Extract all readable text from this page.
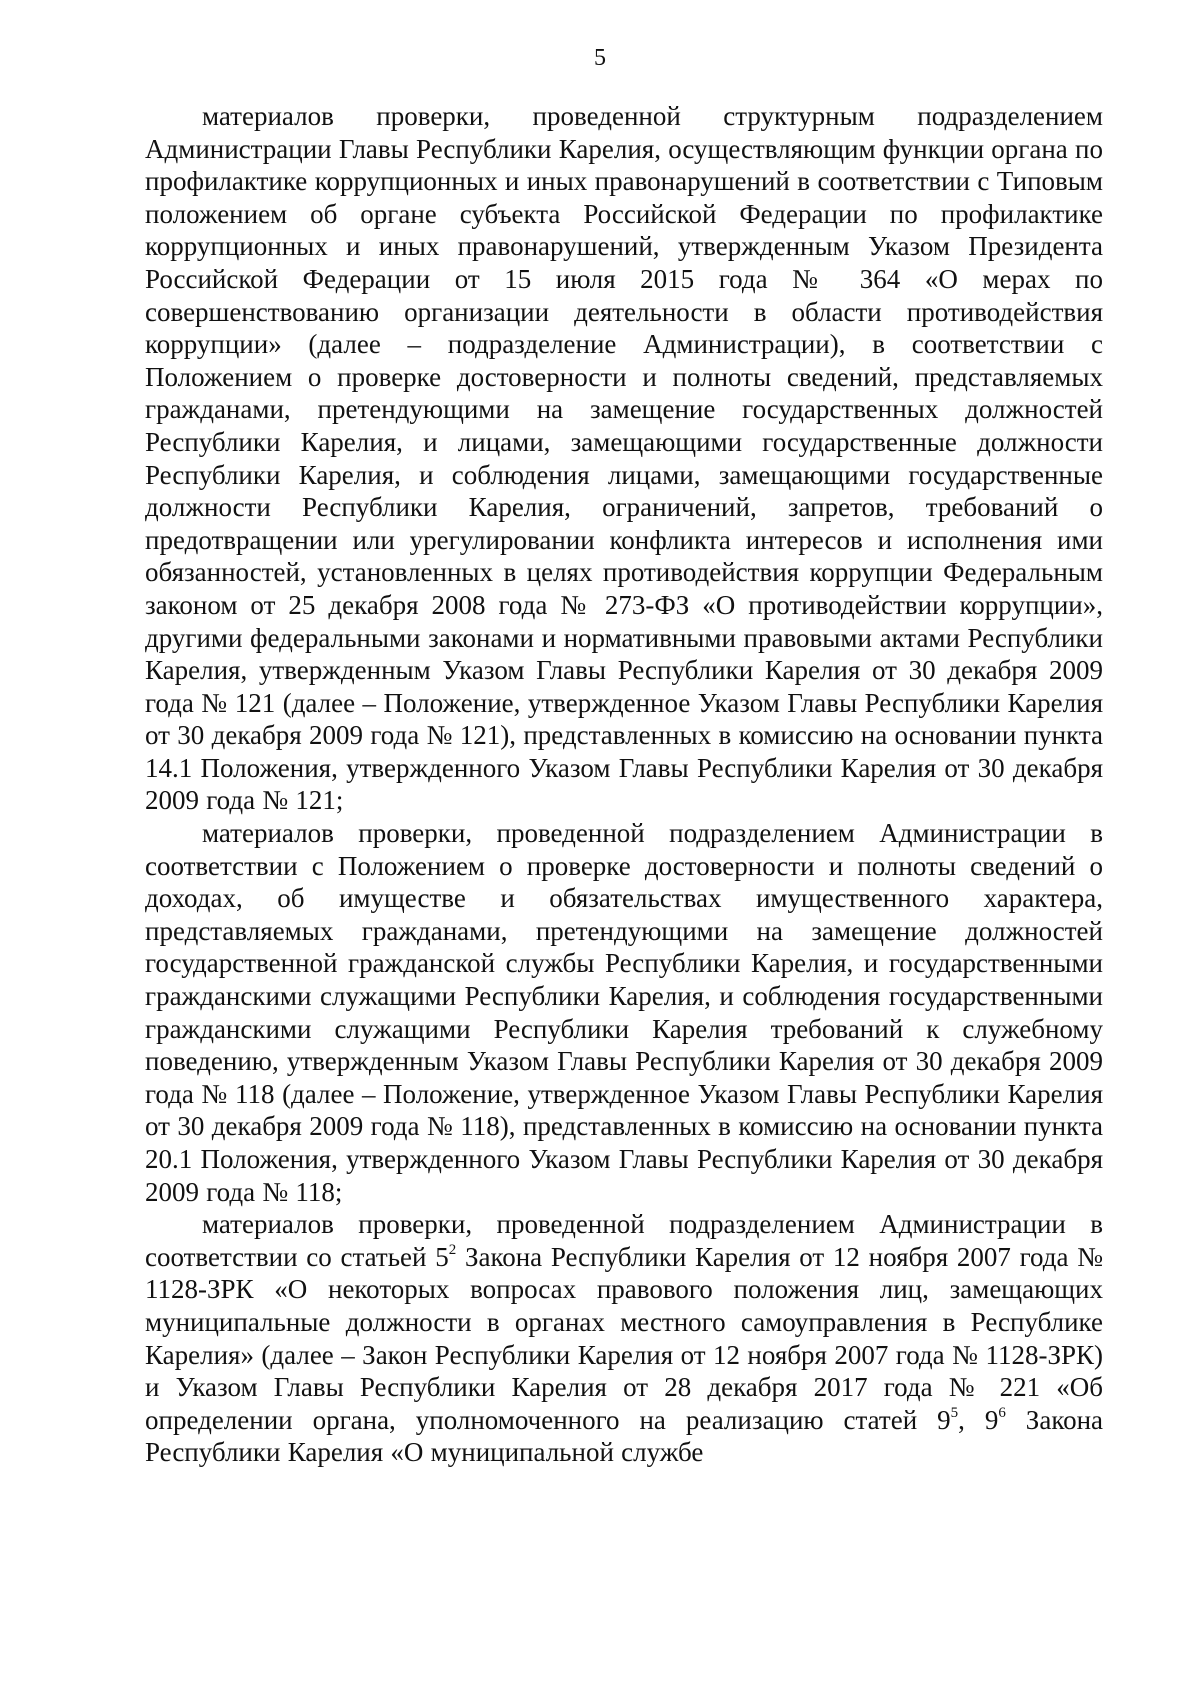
5

материалов проверки, проведенной структурным подразделением Администрации Главы Республики Карелия, осуществляющим функции органа по профилактике коррупционных и иных правонарушений в соответствии с Типовым положением об органе субъекта Российской Федерации по профилактике коррупционных и иных правонарушений, утвержденным Указом Президента Российской Федерации от 15 июля 2015 года № 364 «О мерах по совершенствованию организации деятельности в области противодействия коррупции» (далее – подразделение Администрации), в соответствии с Положением о проверке достоверности и полноты сведений, представляемых гражданами, претендующими на замещение государственных должностей Республики Карелия, и лицами, замещающими государственные должности Республики Карелия, и соблюдения лицами, замещающими государственные должности Республики Карелия, ограничений, запретов, требований о предотвращении или урегулировании конфликта интересов и исполнения ими обязанностей, установленных в целях противодействия коррупции Федеральным законом от 25 декабря 2008 года № 273-ФЗ «О противодействии коррупции», другими федеральными законами и нормативными правовыми актами Республики Карелия, утвержденным Указом Главы Республики Карелия от 30 декабря 2009 года № 121 (далее – Положение, утвержденное Указом Главы Республики Карелия от 30 декабря 2009 года № 121), представленных в комиссию на основании пункта 14.1 Положения, утвержденного Указом Главы Республики Карелия от 30 декабря 2009 года № 121;

материалов проверки, проведенной подразделением Администрации в соответствии с Положением о проверке достоверности и полноты сведений о доходах, об имуществе и обязательствах имущественного характера, представляемых гражданами, претендующими на замещение должностей государственной гражданской службы Республики Карелия, и государственными гражданскими служащими Республики Карелия, и соблюдения государственными гражданскими служащими Республики Карелия требований к служебному поведению, утвержденным Указом Главы Республики Карелия от 30 декабря 2009 года № 118 (далее – Положение, утвержденное Указом Главы Республики Карелия от 30 декабря 2009 года № 118), представленных в комиссию на основании пункта 20.1 Положения, утвержденного Указом Главы Республики Карелия от 30 декабря 2009 года № 118;

материалов проверки, проведенной подразделением Администрации в соответствии со статьей $5^2$ Закона Республики Карелия от 12 ноября 2007 года № 1128-ЗРК «О некоторых вопросах правового положения лиц, замещающих муниципальные должности в органах местного самоуправления в Республике Карелия» (далее – Закон Республики Карелия от 12 ноября 2007 года № 1128-ЗРК) и Указом Главы Республики Карелия от 28 декабря 2017 года № 221 «Об определении органа, уполномоченного на реализацию статей $9^5$, $9^6$ Закона Республики Карелия «О муниципальной службе
